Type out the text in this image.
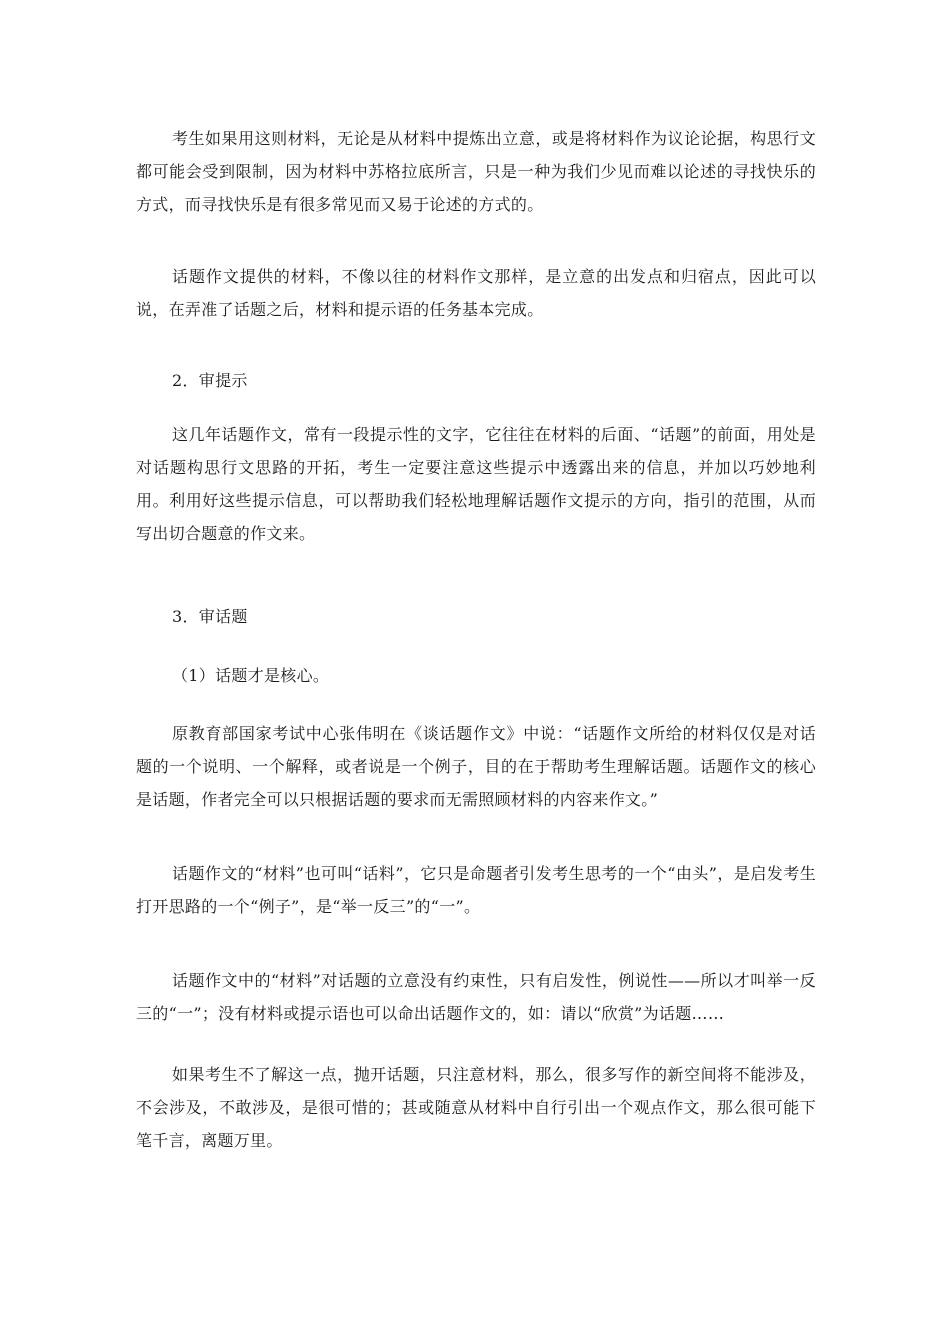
考生如果用这则材料，无论是从材料中提炼出立意，或是将材料作为议论论据，构思行文都可能会受到限制，因为材料中苏格拉底所言，只是一种为我们少见而难以论述的寻找快乐的方式，而寻找快乐是有很多常见而又易于论述的方式的。

话题作文提供的材料，不像以往的材料作文那样，是立意的出发点和归宿点，因此可以说，在弄准了话题之后，材料和提示语的任务基本完成。

2．审提示

这几年话题作文，常有一段提示性的文字，它往往在材料的后面、“话题”的前面，用处是对话题构思行文思路的开拓，考生一定要注意这些提示中透露出来的信息，并加以巧妙地利用。利用好这些提示信息，可以帮助我们轻松地理解话题作文提示的方向，指引的范围，从而写出切合题意的作文来。

3．审话题

（1）话题才是核心。

原教育部国家考试中心张伟明在《谈话题作文》中说：“话题作文所给的材料仅仅是对话题的一个说明、一个解释，或者说是一个例子，目的在于帮助考生理解话题。话题作文的核心是话题，作者完全可以只根据话题的要求而无需照顾材料的内容来作文。”

话题作文的“材料”也可叫“话料”，它只是命题者引发考生思考的一个“由头”，是启发考生打开思路的一个“例子”，是“举一反三”的“一”。

话题作文中的“材料”对话题的立意没有约束性，只有启发性，例说性——所以才叫举一反三的“一”；没有材料或提示语也可以命出话题作文的，如：请以“欣赏”为话题……

如果考生不了解这一点，抛开话题，只注意材料，那么，很多写作的新空间将不能涉及，不会涉及，不敢涉及，是很可惜的；甚或随意从材料中自行引出一个观点作文，那么很可能下笔千言，离题万里。
